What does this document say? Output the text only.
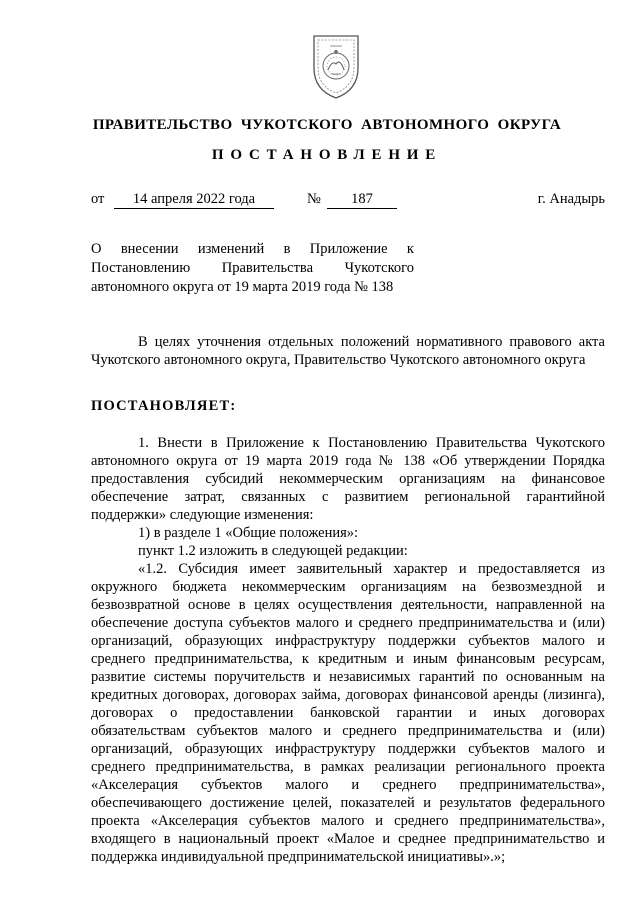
ПРАВИТЕЛЬСТВО  ЧУКОТСКОГО  АВТОНОМНОГО  ОКРУГА
ПОСТАНОВЛЕНИЕ
от	14 апреля 2022 года	№	187	г. Анадырь
О внесении изменений в Приложение к
Постановлению Правительства Чукотского
автономного округа от 19 марта 2019 года № 138

В целях уточнения отдельных положений нормативного правового акта Чукотского автономного округа, Правительство Чукотского автономного округа

ПОСТАНОВЛЯЕТ:

1. Внести в Приложение к Постановлению Правительства Чукотского автономного округа от 19 марта 2019 года № 138 «Об утверждении Порядка предоставления субсидий некоммерческим организациям на финансовое обеспечение затрат, связанных с развитием региональной гарантийной поддержки» следующие изменения:

1) в разделе 1 «Общие положения»:

пункт 1.2 изложить в следующей редакции:

«1.2. Субсидия имеет заявительный характер и предоставляется из окружного бюджета некоммерческим организациям на безвозмездной и безвозвратной основе в целях осуществления деятельности, направленной на обеспечение доступа субъектов малого и среднего предпринимательства и (или) организаций, образующих инфраструктуру поддержки субъектов малого и среднего предпринимательства, к кредитным и иным финансовым ресурсам, развитие системы поручительств и независимых гарантий по основанным на кредитных договорах, договорах займа, договорах финансовой аренды (лизинга), договорах о предоставлении банковской гарантии и иных договорах обязательствам субъектов малого и среднего предпринимательства и (или) организаций, образующих инфраструктуру поддержки субъектов малого и среднего предпринимательства, в рамках реализации регионального проекта «Акселерация субъектов малого и среднего предпринимательства», обеспечивающего достижение целей, показателей и результатов федерального проекта «Акселерация субъектов малого и среднего предпринимательства», входящего в национальный проект «Малое и среднее предпринимательство и поддержка индивидуальной предпринимательской инициативы».»;
